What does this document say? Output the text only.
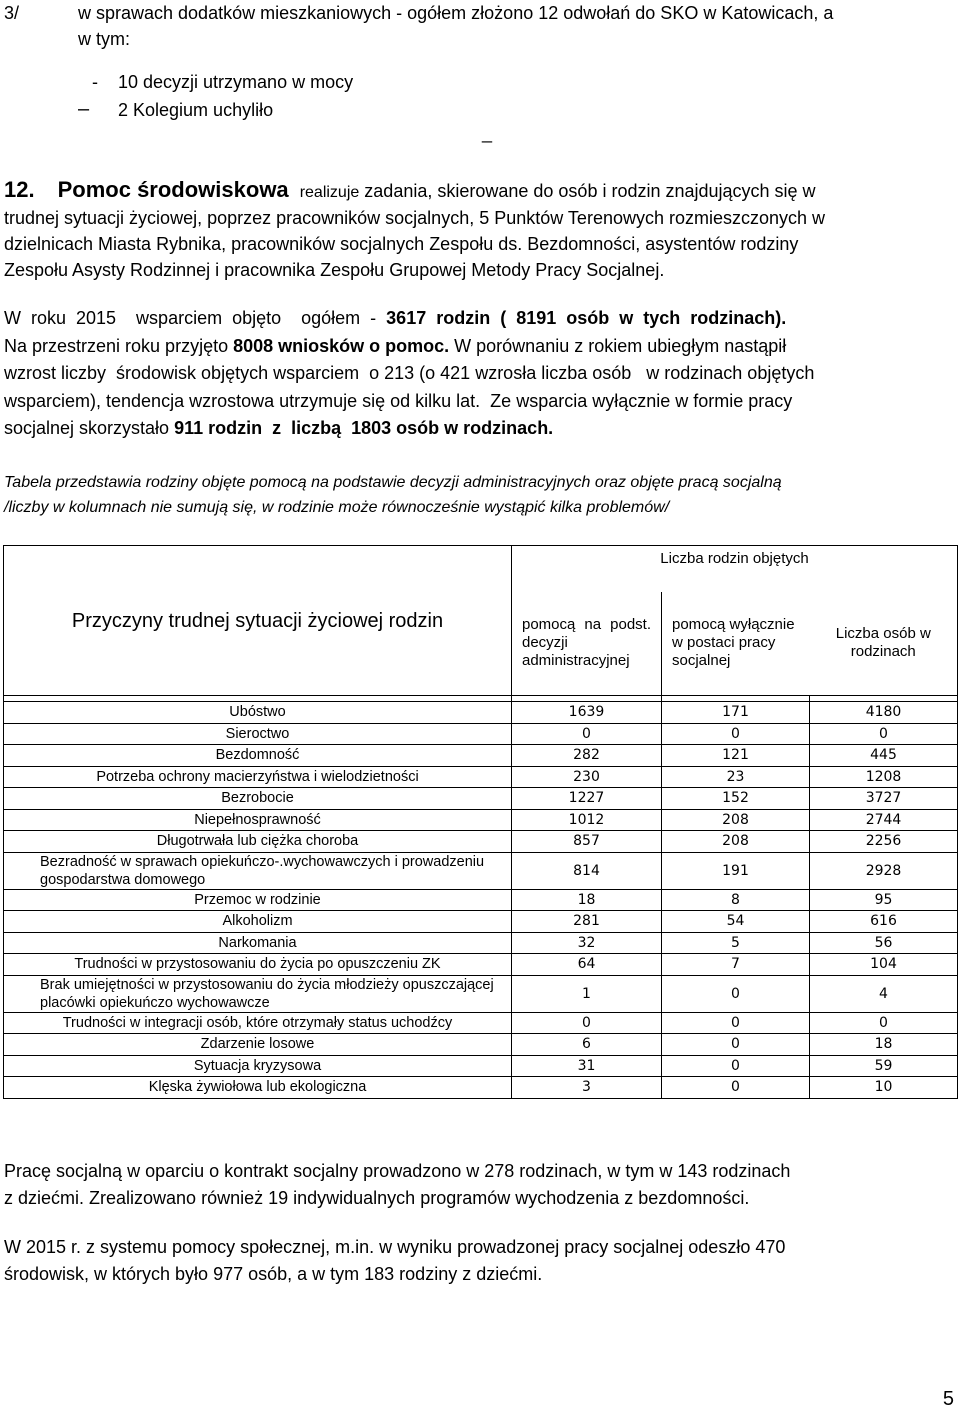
3/	w sprawach dodatków mieszkaniowych - ogółem złożono 12 odwołań do SKO w Katowicach, a
w tym:
- 10 decyzji utrzymano w mocy
– 2 Kolegium uchyliło
_
12. Pomoc środowiskowa realizuje zadania, skierowane do osób i rodzin znajdujących się w
trudnej sytuacji życiowej, poprzez pracowników socjalnych, 5 Punktów Terenowych rozmieszczonych w
dzielnicach Miasta Rybnika, pracowników socjalnych Zespołu ds. Bezdomności, asystentów rodziny
Zespołu Asysty Rodzinnej i pracownika Zespołu Grupowej Metody Pracy Socjalnej.
W  roku  2015    wsparciem  objęto    ogółem  -  3617  rodzin  (  8191  osób  w  tych  rodzinach).
Na przestrzeni roku przyjęto 8008 wniosków o pomoc. W porównaniu z rokiem ubiegłym nastąpił
wzrost liczby  środowisk objętych wsparciem  o 213 (o 421 wzrosła liczba osób   w rodzinach objętych
wsparciem), tendencja wzrostowa utrzymuje się od kilku lat.  Ze wsparcia wyłącznie w formie pracy
socjalnej skorzystało 911 rodzin  z  liczbą  1803 osób w rodzinach.
Tabela przedstawia rodziny objęte pomocą na podstawie decyzji administracyjnych oraz objęte pracą socjalną
/liczby w kolumnach nie sumują się, w rodzinie może równocześnie wystąpić kilka problemów/
Przyczyny trudnej sytuacji życiowej rodzin	Liczba rodzin objętych		
	pomocą na podst. decyzji administracyjnej	pomocą wyłącznie w postaci pracy socjalnej	Liczba osób w rodzinach

Ubóstwo	1639	171	4180
Sieroctwo	0	0	0
Bezdomność	282	121	445
Potrzeba ochrony macierzyństwa i wielodzietności	230	23	1208
Bezrobocie	1227	152	3727
Niepełnosprawność	1012	208	2744
Długotrwała lub ciężka choroba	857	208	2256
Bezradność w sprawach opiekuńczo-.wychowawczych i prowadzeniu gospodarstwa domowego	814	191	2928
Przemoc w rodzinie	18	8	95
Alkoholizm	281	54	616
Narkomania	32	5	56
Trudności w przystosowaniu do życia po opuszczeniu ZK	64	7	104
Brak umiejętności w przystosowaniu do życia młodzieży opuszczającej placówki opiekuńczo wychowawcze	1	0	4
Trudności w integracji osób, które otrzymały status uchodźcy	0	0	0
Zdarzenie losowe	6	0	18
Sytuacja kryzysowa	31	0	59
Klęska żywiołowa lub ekologiczna	3	0	10
Pracę socjalną w oparciu o kontrakt socjalny prowadzono w 278 rodzinach, w tym w 143 rodzinach
z dziećmi. Zrealizowano również 19 indywidualnych programów wychodzenia z bezdomności.
W 2015 r. z systemu pomocy społecznej, m.in. w wyniku prowadzonej pracy socjalnej odeszło 470
środowisk, w których było 977 osób, a w tym 183 rodziny z dziećmi.
5
